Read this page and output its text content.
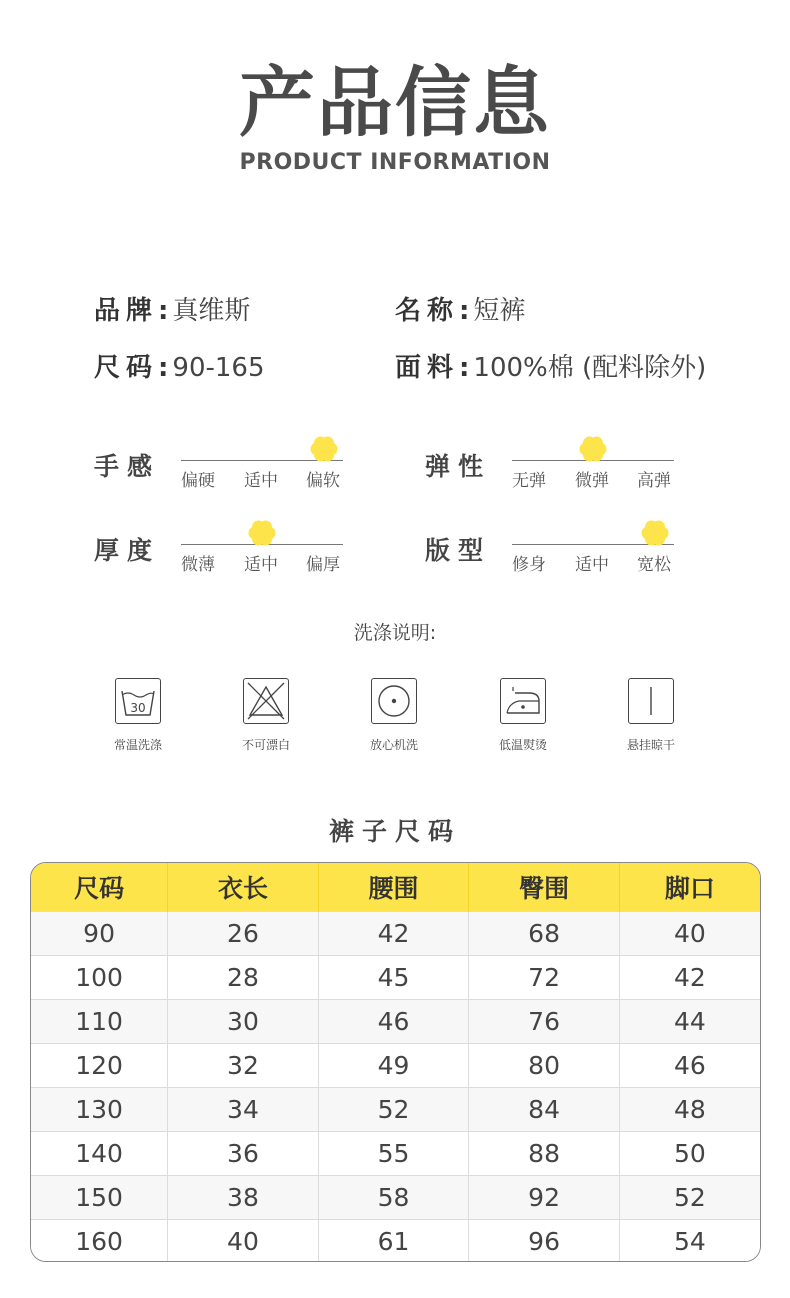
产品信息
PRODUCT INFORMATION
品牌: 真维斯	名称: 短裤
尺码: 90-165	面料: 100%棉 (配料除外)
手感 偏硬 适中 偏软	弹性 无弹 微弹 高弹
厚度 微薄 适中 偏厚	版型 修身 适中 宽松
洗涤说明:
30
常温洗涤	不可漂白	放心机洗	低温熨烫	悬挂晾干
裤子尺码
尺码	衣长	腰围	臀围	脚口
90	26	42	68	40
100	28	45	72	42
110	30	46	76	44
120	32	49	80	46
130	34	52	84	48
140	36	55	88	50
150	38	58	92	52
160	40	61	96	54
